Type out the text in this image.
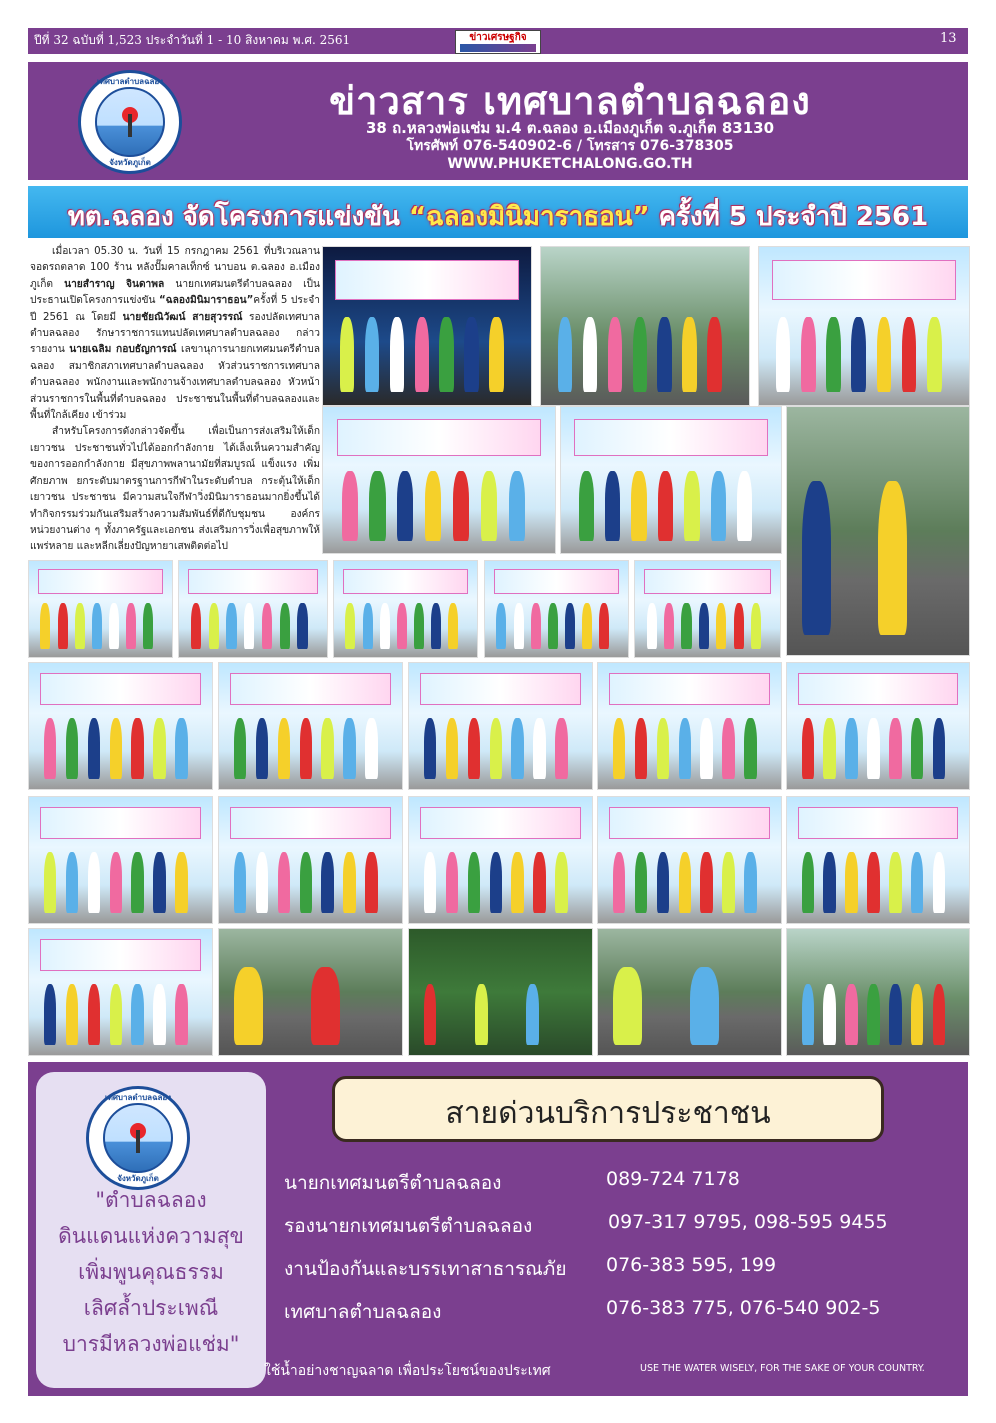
ปีที่ 32 ฉบับที่ 1,523 ประจำวันที่ 1 - 10 สิงหาคม พ.ศ. 2561	ข่าวเศรษฐกิจ	13
เทศบาลตำบลฉลอง
จังหวัดภูเก็ต
ข่าวสาร เทศบาลตำบลฉลอง
38 ถ.หลวงพ่อแช่ม ม.4 ต.ฉลอง อ.เมืองภูเก็ต จ.ภูเก็ต 83130
โทรศัพท์ 076-540902-6 / โทรสาร 076-378305
WWW.PHUKETCHALONG.GO.TH
ทต.ฉลอง จัดโครงการแข่งขัน “ฉลองมินิมาราธอน” ครั้งที่ 5 ประจำปี 2561

เมื่อเวลา 05.30 น. วันที่ 15 กรกฎาคม 2561 ที่บริเวณลานจอดรถตลาด 100 ร้าน หลังปั๊มคาลเท็กซ์ นาบอน ต.ฉลอง อ.เมืองภูเก็ต นายสำราญ จินดาพล นายกเทศมนตรีตำบลฉลอง เป็นประธานเปิดโครงการแข่งขัน “ฉลองมินิมาราธอน”ครั้งที่ 5 ประจำปี 2561 ณ โดยมี นายชัยณิวัฒน์ สายสุวรรณ์ รองปลัดเทศบาลตำบลฉลอง รักษาราชการแทนปลัดเทศบาลตำบลฉลอง กล่าวรายงาน นายเฉลิม กอบธัญการณ์ เลขานุการนายกเทศมนตรีตำบลฉลอง สมาชิกสภาเทศบาลตำบลฉลอง หัวส่วนราชการเทศบาลตำบลฉลอง พนักงานและพนักงานจ้างเทศบาลตำบลฉลอง หัวหน้าส่วนราชการในพื้นที่ตำบลฉลอง ประชาชนในพื้นที่ตำบลฉลองและพื้นที่ใกล้เคียง เข้าร่วม

สำหรับโครงการดังกล่าวจัดขึ้น เพื่อเป็นการส่งเสริมให้เด็ก เยาวชน ประชาชนทั่วไปได้ออกกำลังกาย ได้เล็งเห็นความสำคัญของการออกกำลังกาย มีสุขภาพพลานามัยที่สมบูรณ์ แข็งแรง เพิ่มศักยภาพ ยกระดับมาตรฐานการกีฬาในระดับตำบล กระตุ้นให้เด็ก เยาวชน ประชาชน มีความสนใจกีฬาวิ่งมินิมาราธอนมากยิ่งขึ้นได้ทำกิจกรรมร่วมกันเสริมสร้างความสัมพันธ์ที่ดีกับชุมชน องค์กร หน่วยงานต่าง ๆ ทั้งภาครัฐและเอกชน ส่งเสริมการวิ่งเพื่อสุขภาพให้แพร่หลาย และหลีกเลี่ยงปัญหายาเสพติดต่อไป

เทศบาลตำบลฉลอง
จังหวัดภูเก็ต
"ตำบลฉลอง
ดินแดนแห่งความสุข
เพิ่มพูนคุณธรรม
เลิศล้ำประเพณี
บารมีหลวงพ่อแช่ม"
สายด่วนบริการประชาชน
นายกเทศมนตรีตำบลฉลอง	089-724 7178
รองนายกเทศมนตรีตำบลฉลอง	097-317 9795, 098-595 9455
งานป้องกันและบรรเทาสาธารณภัย 076-383 595, 199
เทศบาลตำบลฉลอง	076-383 775, 076-540 902-5
ใช้น้ำอย่างชาญฉลาด เพื่อประโยชน์ของประเทศ	USE THE WATER WISELY, FOR THE SAKE OF YOUR COUNTRY.
